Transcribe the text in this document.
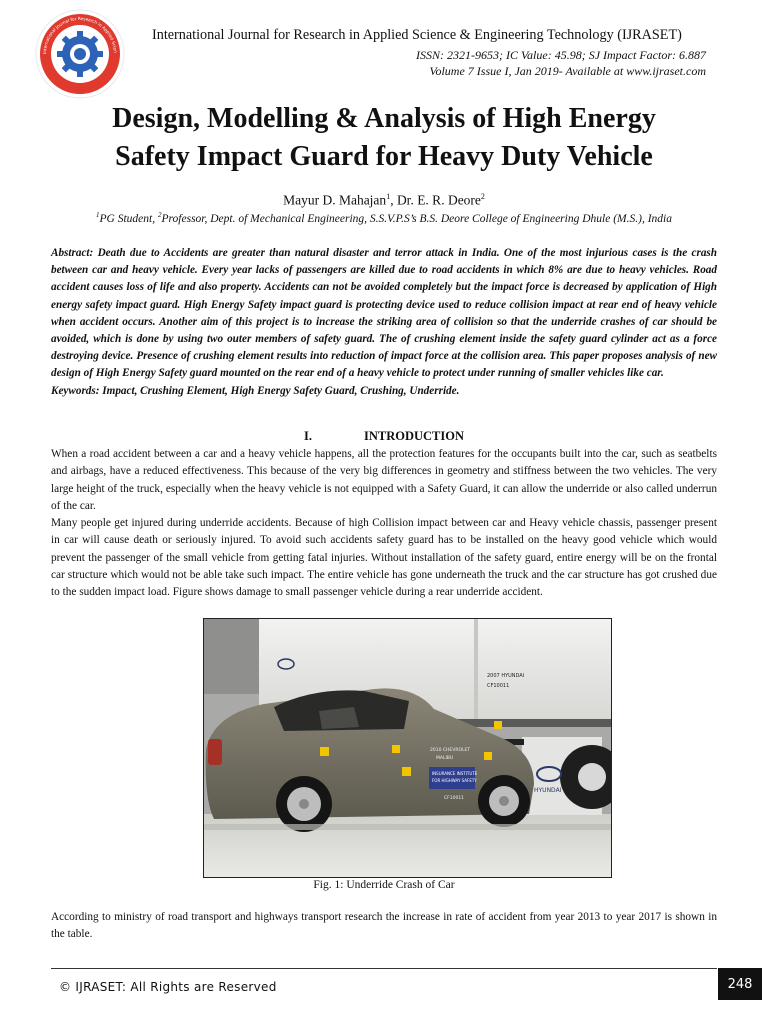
International Journal for Research in Applied Scien
International Journal for Research in Applied Science & Engineering Technology (IJRASET)
ISSN: 2321-9653; IC Value: 45.98; SJ Impact Factor: 6.887
Volume 7 Issue I, Jan 2019- Available at www.ijraset.com
Design, Modelling & Analysis of High Energy
Safety Impact Guard for Heavy Duty Vehicle
Mayur D. Mahajan$^1$, Dr. E. R. Deore$^2$
$^1$PG Student, $^2$Professor, Dept. of Mechanical Engineering, S.S.V.P.S’s B.S. Deore College of Engineering Dhule (M.S.), India

Abstract: Death due to Accidents are greater than natural disaster and terror attack in India. One of the most injurious cases is the crash between car and heavy vehicle. Every year lacks of passengers are killed due to road accidents in which 8% are due to heavy vehicles. Road accident causes loss of life and also property. Accidents can not be avoided completely but the impact force is decreased by application of High energy safety impact guard. High Energy Safety impact guard is protecting device used to reduce collision impact at rear end of heavy vehicle when accident occurs. Another aim of this project is to increase the striking area of collision so that the underride crashes of car should be avoided, which is done by using two outer members of safety guard. The of crushing element inside the safety guard cylinder act as a force destroying device. Presence of crushing element results into reduction of impact force at the collision area. This paper proposes analysis of new design of High Energy Safety guard mounted on the rear end of a heavy vehicle to protect under running of smaller vehicles like car.

Keywords: Impact, Crushing Element, High Energy Safety Guard, Crushing, Underride.

I.	INTRODUCTION

When a road accident between a car and a heavy vehicle happens, all the protection features for the occupants built into the car, such as seatbelts and airbags, have a reduced effectiveness. This because of the very big differences in geometry and stiffness between the two vehicles. The very large height of the truck, especially when the heavy vehicle is not equipped with a Safety Guard, it can allow the underride or also called underrun of the car.

Many people get injured during underride accidents. Because of high Collision impact between car and Heavy vehicle chassis, passenger present in car will cause death or seriously injured. To avoid such accidents safety guard has to be installed on the heavy good vehicle which would prevent the passenger of the small vehicle from getting fatal injuries. Without installation of the safety guard, entire energy will be on the frontal car structure which would not be able take such impact. The entire vehicle has gone underneath the truck and the car structure has got crushed due to the sudden impact load. Figure shows damage to small passenger vehicle during a rear underride accident.

2007 HYUNDAI
CF10011
HYUNDAI
INSURANCE INSTITUTE
FOR HIGHWAY SAFETY
2010 CHEVROLET
MALIBU
CF10011
Fig. 1: Underride Crash of Car
According to ministry of road transport and highways transport research the increase in rate of accident from year 2013 to year 2017 is shown in the table.
© IJRASET: All Rights are Reserved	248
